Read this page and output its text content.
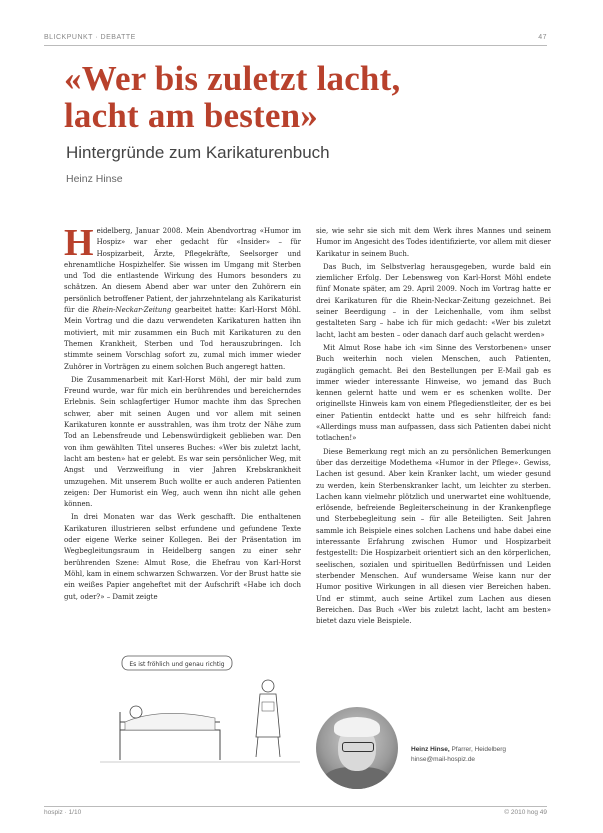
BLICKPUNKT · DEBATTE	47
«Wer bis zuletzt lacht,
lacht am besten»
Hintergründe zum Karikaturenbuch
Heinz Hinse
H eidelberg, Januar 2008. Mein Abendvortrag «Humor im Hospiz» war eher gedacht für «Insider» – für Hospizarbeit, Ärzte, Pflegekräfte, Seelsorger und ehrenamtliche Hospizhelfer. Sie wissen im Umgang mit Sterben und Tod die entlastende Wirkung des Humors besonders zu schätzen. An diesem Abend aber war unter den Zuhörern ein persönlich betroffener Patient, der jahrzehntelang als Karikaturist für die Rhein-Neckar-Zeitung gearbeitet hatte: Karl-Horst Möhl. Mein Vortrag und die dazu verwendeten Karikaturen hatten ihn motiviert, mit mir zusammen ein Buch mit Karikaturen zu den Themen Krankheit, Sterben und Tod herauszubringen. Ich stimmte seinem Vorschlag sofort zu, zumal mich immer wieder Zuhörer in Vorträgen zu einem solchen Buch angeregt hatten.

Die Zusammenarbeit mit Karl-Horst Möhl, der mir bald zum Freund wurde, war für mich ein berührendes und bereicherndes Erlebnis. Sein schlagfertiger Humor machte ihm das Sprechen schwer, aber mit seinen Augen und vor allem mit seinen Karikaturen konnte er ausstrahlen, was ihm trotz der Nähe zum Tod an Lebensfreude und Lebenswürdigkeit geblieben war. Den von ihm gewählten Titel unseres Buches: «Wer bis zuletzt lacht, lacht am besten» hat er gelebt. Es war sein persönlicher Weg, mit Angst und Verzweiflung in vier Jahren Krebskrankheit umzugehen. Mit unserem Buch wollte er auch anderen Patienten zeigen: Der Humorist ein Weg, auch wenn ihn nicht alle gehen können.

In drei Monaten war das Werk geschafft. Die enthaltenen Karikaturen illustrieren selbst erfundene und gefundene Texte oder eigene Werke seiner Kollegen. Bei der Präsentation im Wegbegleitungsraum in Heidelberg sangen zu einer sehr berührenden Szene: Almut Rose, die Ehefrau von Karl-Horst Möhl, kam in einem schwarzen Schwarzen. Vor der Brust hatte sie ein weißes Papier angeheftet mit der Aufschrift «Habe ich doch gut, oder?» – Damit zeigte

sie, wie sehr sie sich mit dem Werk ihres Mannes und seinem Humor im Angesicht des Todes identifizierte, vor allem mit dieser Karikatur in seinem Buch.

Das Buch, im Selbstverlag herausgegeben, wurde bald ein ziemlicher Erfolg. Der Lebensweg von Karl-Horst Möhl endete fünf Monate später, am 29. April 2009. Noch im Vortrag hatte er drei Karikaturen für die Rhein-Neckar-Zeitung gezeichnet. Bei seiner Beerdigung – in der Leichenhalle, vom ihm selbst gestalteten Sarg – habe ich für mich gedacht: «Wer bis zuletzt lacht, lacht am besten – oder danach darf auch gelacht werden»

Mit Almut Rose habe ich «im Sinne des Verstorbenen» unser Buch weiterhin noch vielen Menschen, auch Patienten, zugänglich gemacht. Bei den Bestellungen per E-Mail gab es immer wieder interessante Hinweise, wo jemand das Buch kennen gelernt hatte und wem er es schenken wollte. Der originellste Hinweis kam von einem Pflegedienstleiter, der es bei einer Patientin entdeckt hatte und es sehr hilfreich fand: «Allerdings muss man aufpassen, dass sich Patienten dabei nicht totlachen!»

Diese Bemerkung regt mich an zu persönlichen Bemerkungen über das derzeitige Modethema «Humor in der Pflege». Gewiss, Lachen ist gesund. Aber kein Kranker lacht, um wieder gesund zu werden, kein Sterbenskranker lacht, um leichter zu sterben. Lachen kann vielmehr plötzlich und unerwartet eine wohltuende, erlösende, befreiende Begleiterscheinung in der Krankenpflege und Sterbebegleitung sein – für alle Beteiligten. Seit Jahren sammle ich Beispiele eines solchen Lachens und habe dabei eine interessante Erfahrung zwischen Humor und Hospizarbeit festgestellt: Die Hospizarbeit orientiert sich an den körperlichen, seelischen, sozialen und spirituellen Bedürfnissen und Leiden sterbender Menschen. Auf wundersame Weise kann nur der Humor positive Wirkungen in all diesen vier Bereichen haben. Und er stimmt, auch seine Artikel zum Lachen aus diesen Bereichen. Das Buch «Wer bis zuletzt lacht, lacht am besten» bietet dazu viele Beispiele.

Es ist fröhlich und genau richtig
Heinz Hinse, Pfarrer, Heidelberg
hinse@mail-hospiz.de
hospiz · 1/10	© 2010 hog 49
